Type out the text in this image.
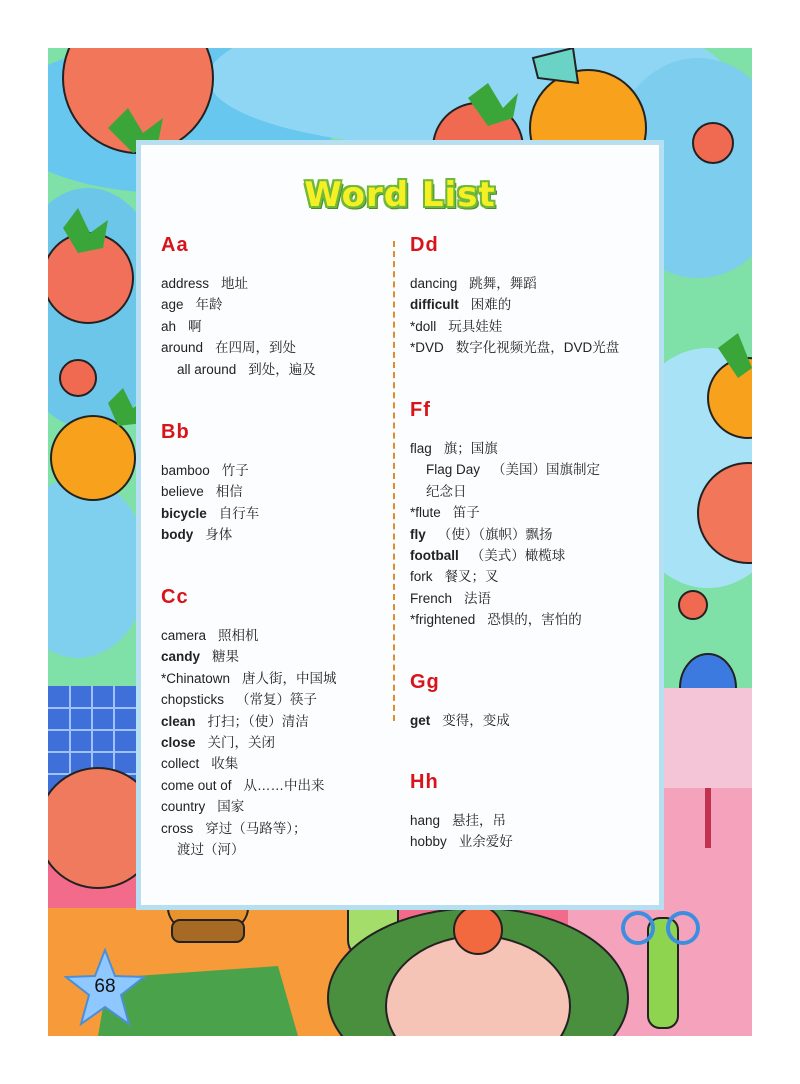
Word List
Aa
address 地址
age 年龄
ah 啊
around 在四周，到处
all around 到处，遍及
Bb
bamboo 竹子
believe 相信
bicycle 自行车
body 身体
Cc
camera 照相机
candy 糖果
*Chinatown 唐人街，中国城
chopsticks （常复）筷子
clean 打扫；（使）清洁
close 关门，关闭
collect 收集
come out of 从……中出来
country 国家
cross 穿过（马路等）；
渡过（河）
Dd
dancing 跳舞，舞蹈
difficult 困难的
*doll 玩具娃娃
*DVD 数字化视频光盘，DVD光盘
Ff
flag 旗；国旗
Flag Day （美国）国旗制定
纪念日
*flute 笛子
fly （使）（旗帜）飘扬
football （美式）橄榄球
fork 餐叉；叉
French 法语
*frightened 恐惧的，害怕的
Gg
get 变得，变成
Hh
hang 悬挂，吊
hobby 业余爱好
68
